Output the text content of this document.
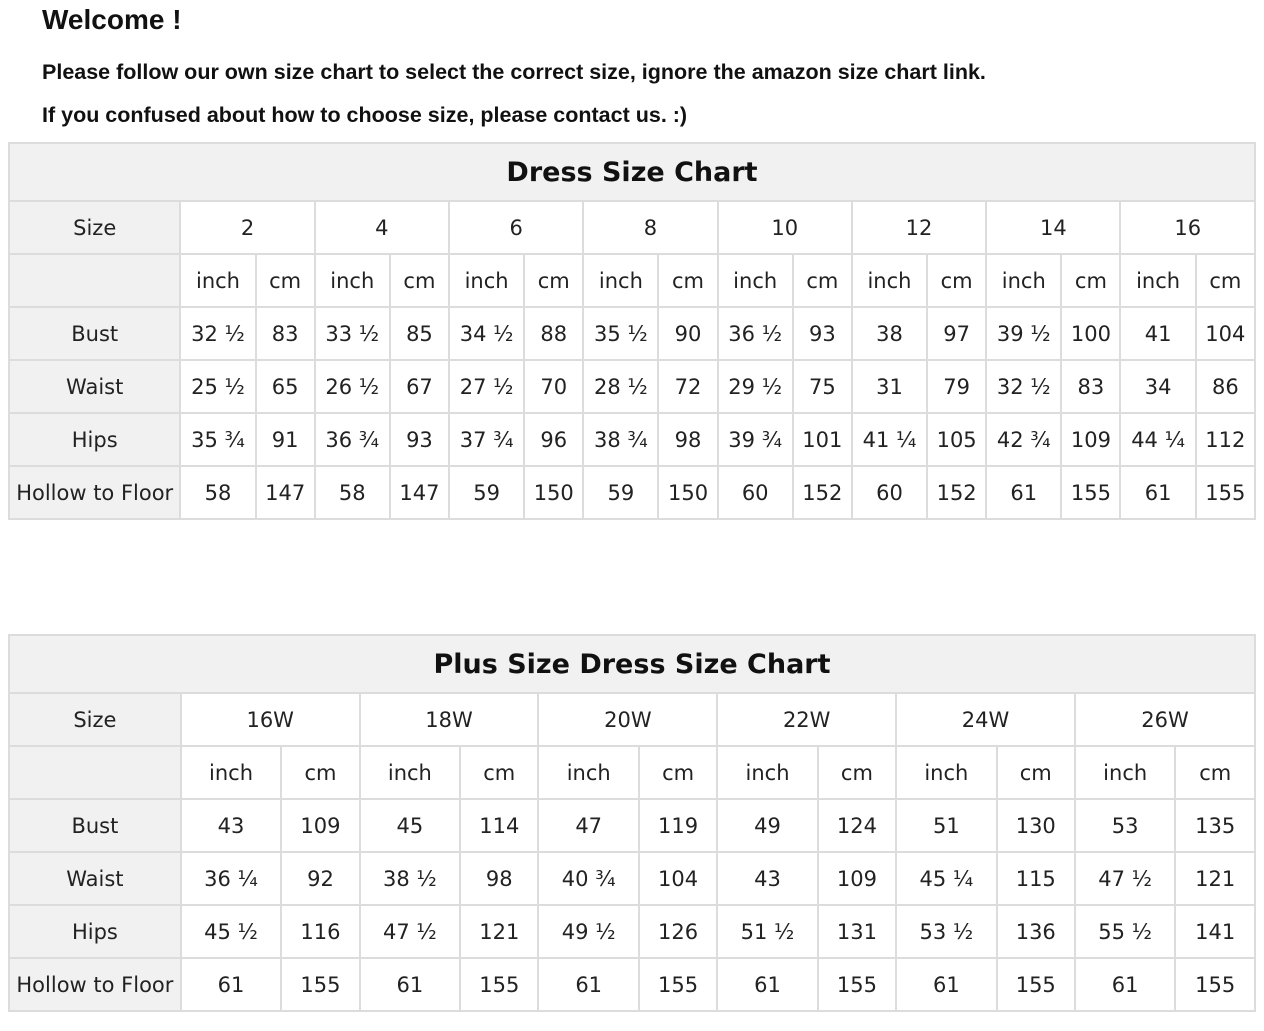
Welcome !

Please follow our own size chart to select the correct size, ignore the amazon size chart link.

If you confused about how to choose size, please contact us. :)

Dress Size Chart																
Size	2		4		6		8		10		12		14		16	
	inch	cm	inch	cm	inch	cm	inch	cm	inch	cm	inch	cm	inch	cm	inch	cm
Bust	32 ½	83	33 ½	85	34 ½	88	35 ½	90	36 ½	93	38	97	39 ½	100	41	104
Waist	25 ½	65	26 ½	67	27 ½	70	28 ½	72	29 ½	75	31	79	32 ½	83	34	86
Hips	35 ¾	91	36 ¾	93	37 ¾	96	38 ¾	98	39 ¾	101	41 ¼	105	42 ¾	109	44 ¼	112
Hollow to Floor	58	147	58	147	59	150	59	150	60	152	60	152	61	155	61	155
Plus Size Dress Size Chart												
Size	16W		18W		20W		22W		24W		26W	
	inch	cm	inch	cm	inch	cm	inch	cm	inch	cm	inch	cm
Bust	43	109	45	114	47	119	49	124	51	130	53	135
Waist	36 ¼	92	38 ½	98	40 ¾	104	43	109	45 ¼	115	47 ½	121
Hips	45 ½	116	47 ½	121	49 ½	126	51 ½	131	53 ½	136	55 ½	141
Hollow to Floor	61	155	61	155	61	155	61	155	61	155	61	155
